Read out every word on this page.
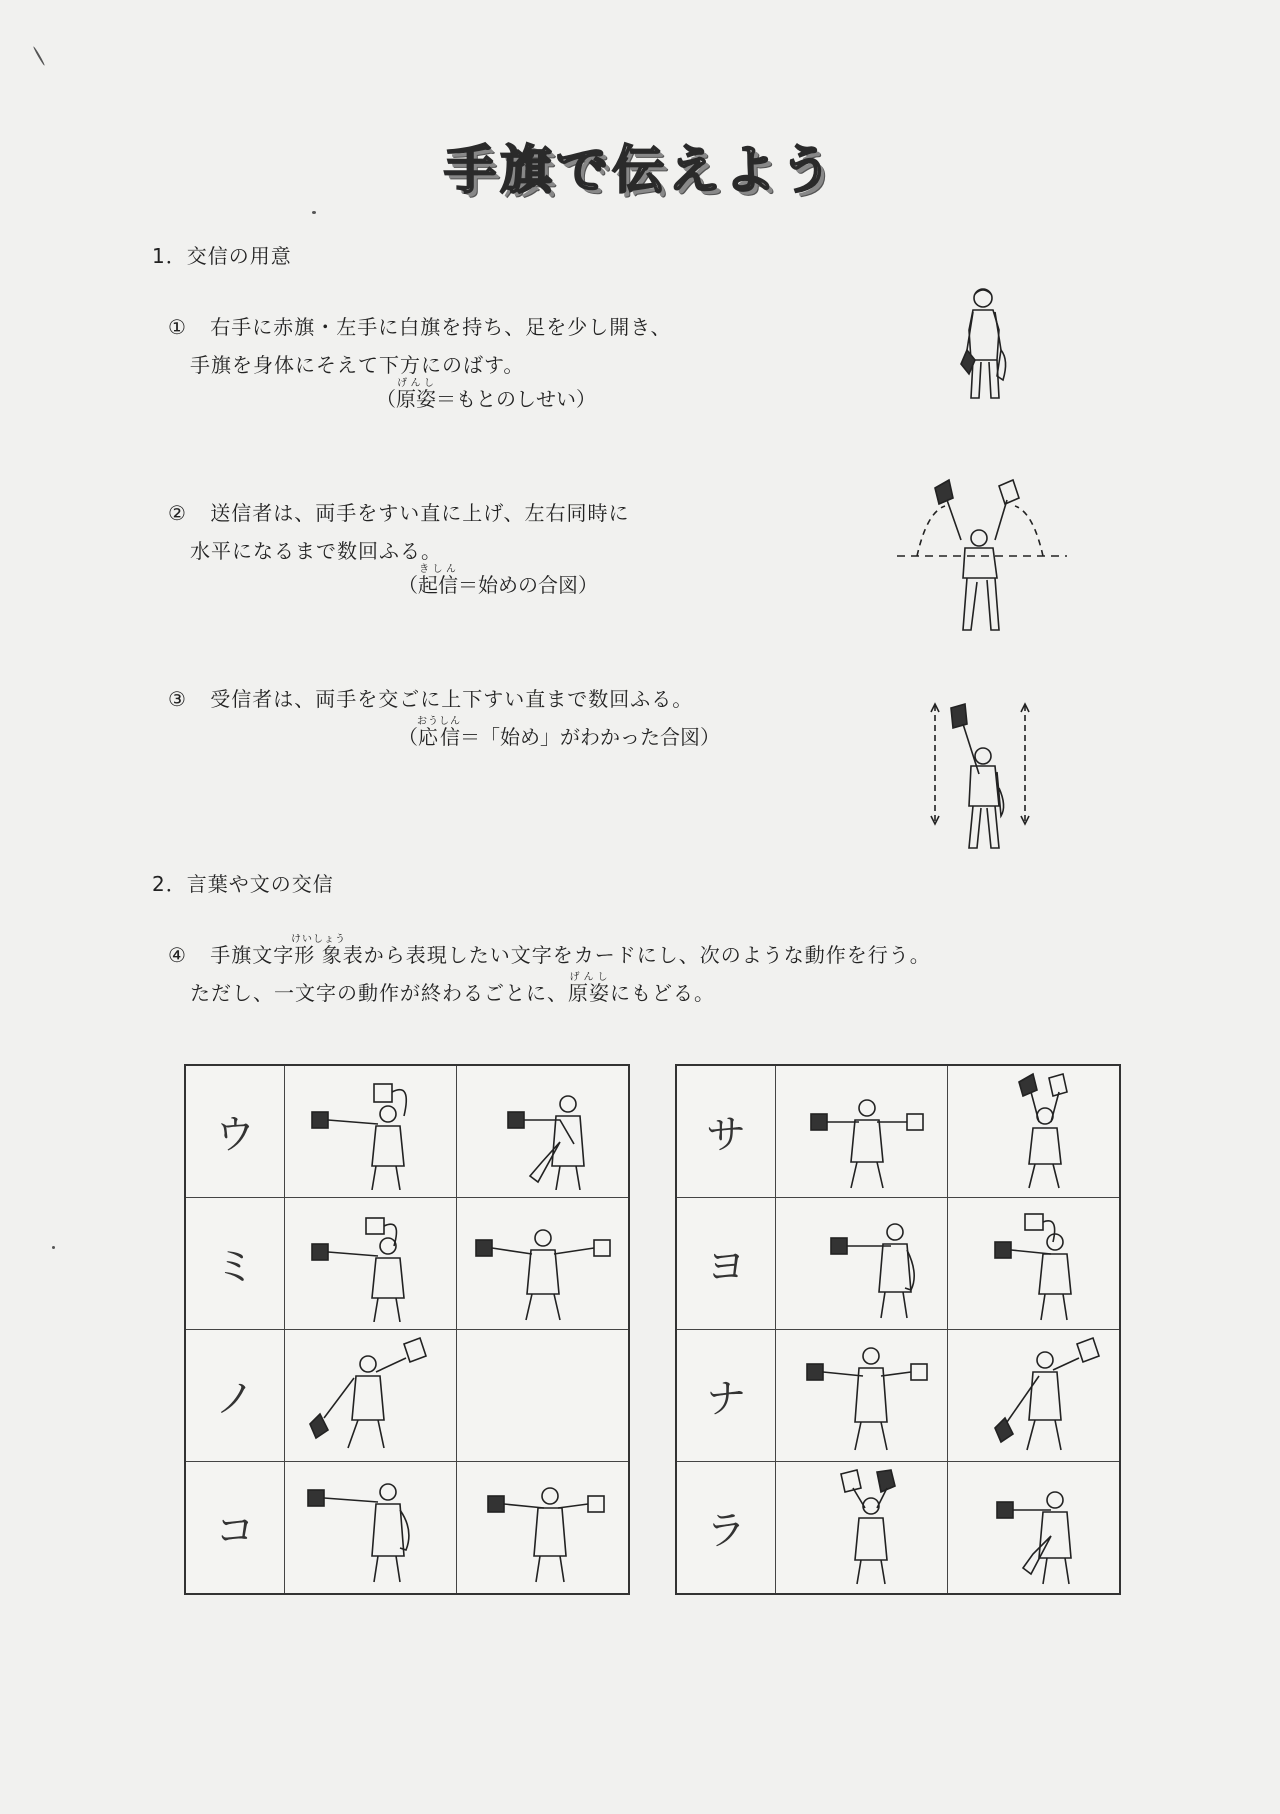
手旗で伝えよう
1．交信の用意
① 右手に赤旗・左手に白旗を持ち、足を少し開き、
手旗を身体にそえて下方にのばす。
（原姿げんし＝もとのしせい）
② 送信者は、両手をすい直に上げ、左右同時に
水平になるまで数回ふる。
（起信きしん＝始めの合図）
③ 受信者は、両手を交ごに上下すい直まで数回ふる。
（応信おうしん＝「始め」がわかった合図）
2．言葉や文の交信
④ 手旗文字形象けいしょう表から表現したい文字をカードにし、次のような動作を行う。
ただし、一文字の動作が終わるごとに、原姿げんしにもどる。
ウ		
ミ		
ノ		
コ		
サ		
ヨ		
ナ		
ラ		
